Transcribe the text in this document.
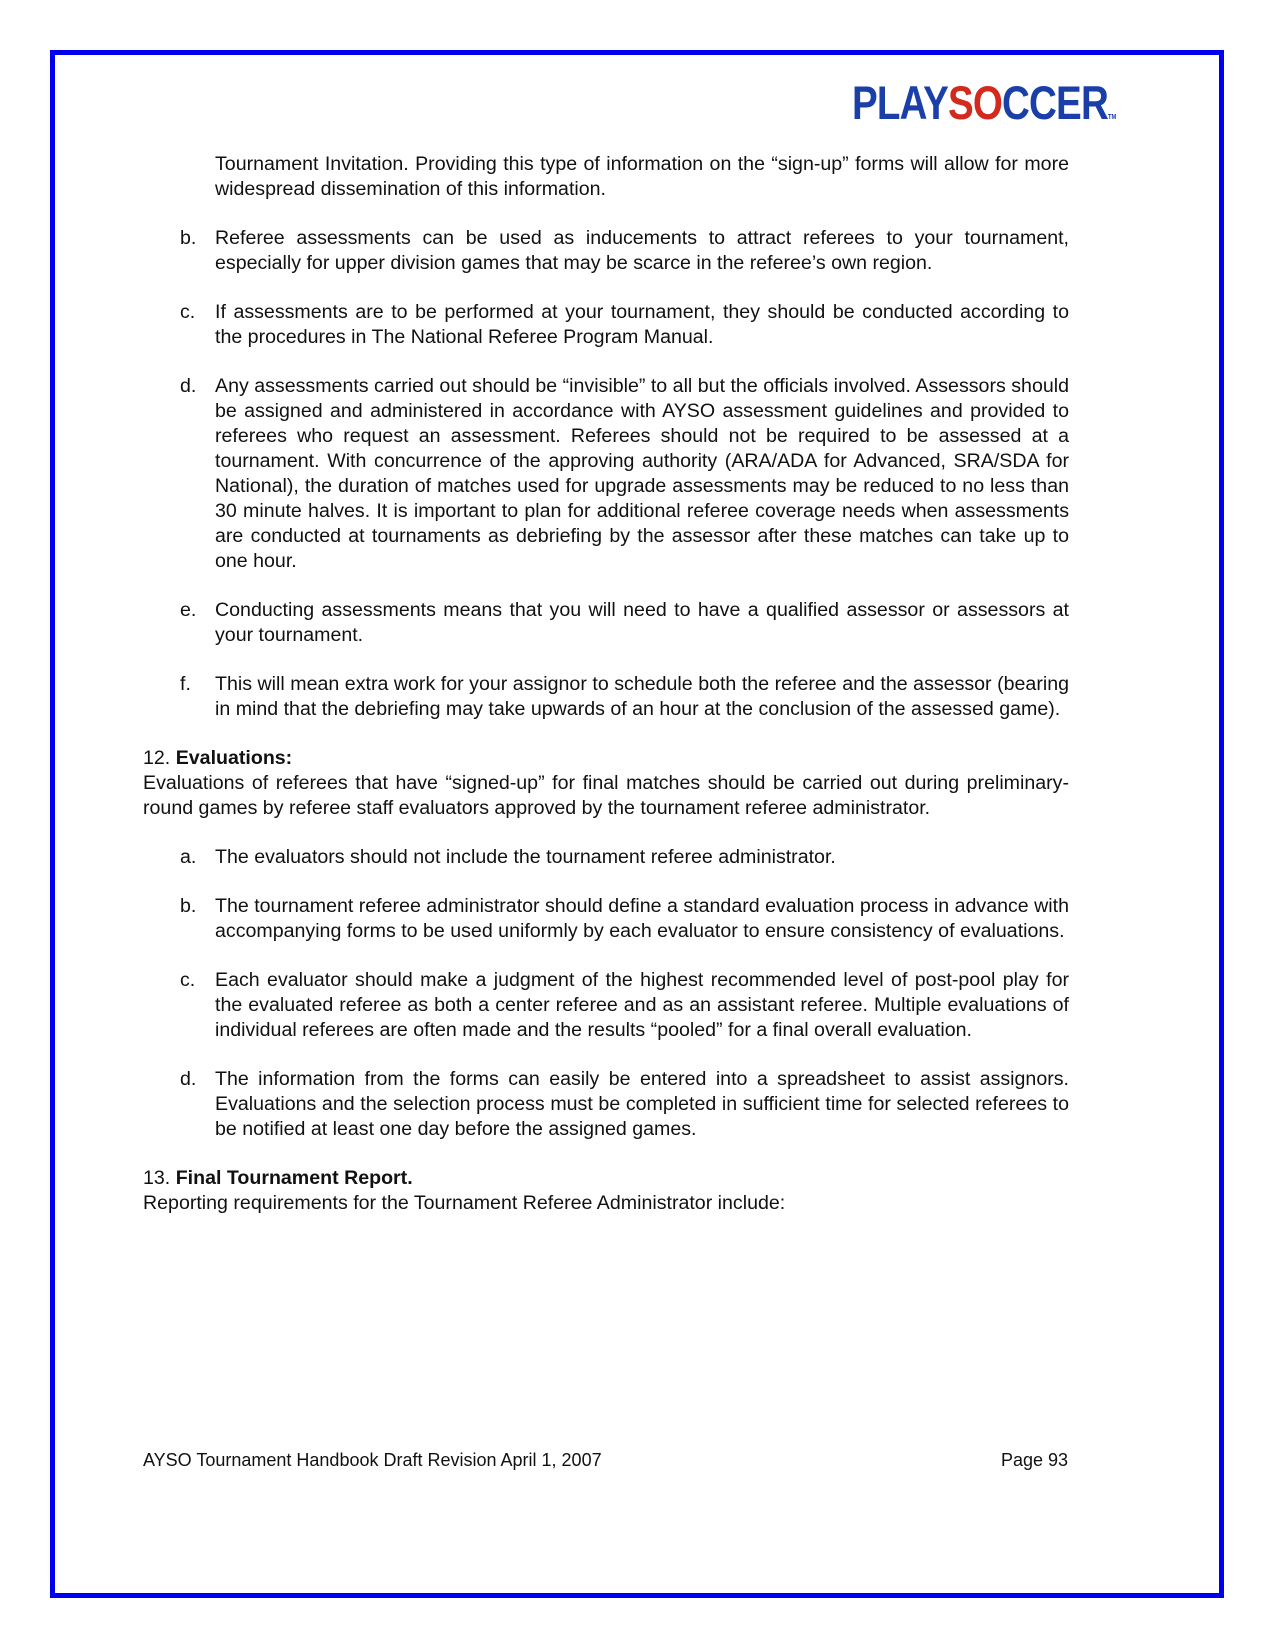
PLAYSOCCERTM
Tournament Invitation. Providing this type of information on the “sign-up” forms will allow for more widespread dissemination of this information.
b. Referee assessments can be used as inducements to attract referees to your tournament, especially for upper division games that may be scarce in the referee’s own region.
c.	If assessments are to be performed at your tournament, they should be conducted according to the procedures in The National Referee Program Manual.
d. Any assessments carried out should be “invisible” to all but the officials involved. Assessors should be assigned and administered in accordance with AYSO assessment guidelines and provided to referees who request an assessment. Referees should not be required to be assessed at a tournament. With concurrence of the approving authority (ARA/ADA for Advanced, SRA/SDA for National), the duration of matches used for upgrade assessments may be reduced to no less than 30 minute halves. It is important to plan for additional referee coverage needs when assessments are conducted at tournaments as debriefing by the assessor after these matches can take up to one hour.
e. Conducting assessments means that you will need to have a qualified assessor or assessors at your tournament.
f.	This will mean extra work for your assignor to schedule both the referee and the assessor (bearing in mind that the debriefing may take upwards of an hour at the conclusion of the assessed game).
12. Evaluations:
Evaluations of referees that have “signed-up” for final matches should be carried out during preliminary-round games by referee staff evaluators approved by the tournament referee administrator.
a. The evaluators should not include the tournament referee administrator.
b. The tournament referee administrator should define a standard evaluation process in advance with accompanying forms to be used uniformly by each evaluator to ensure consistency of evaluations.
c.	Each evaluator should make a judgment of the highest recommended level of post-pool play for the evaluated referee as both a center referee and as an assistant referee. Multiple evaluations of individual referees are often made and the results “pooled” for a final overall evaluation.
d. The information from the forms can easily be entered into a spreadsheet to assist assignors. Evaluations and the selection process must be completed in sufficient time for selected referees to be notified at least one day before the assigned games.
13. Final Tournament Report.
Reporting requirements for the Tournament Referee Administrator include:
AYSO Tournament Handbook Draft Revision April 1, 2007	Page 93
